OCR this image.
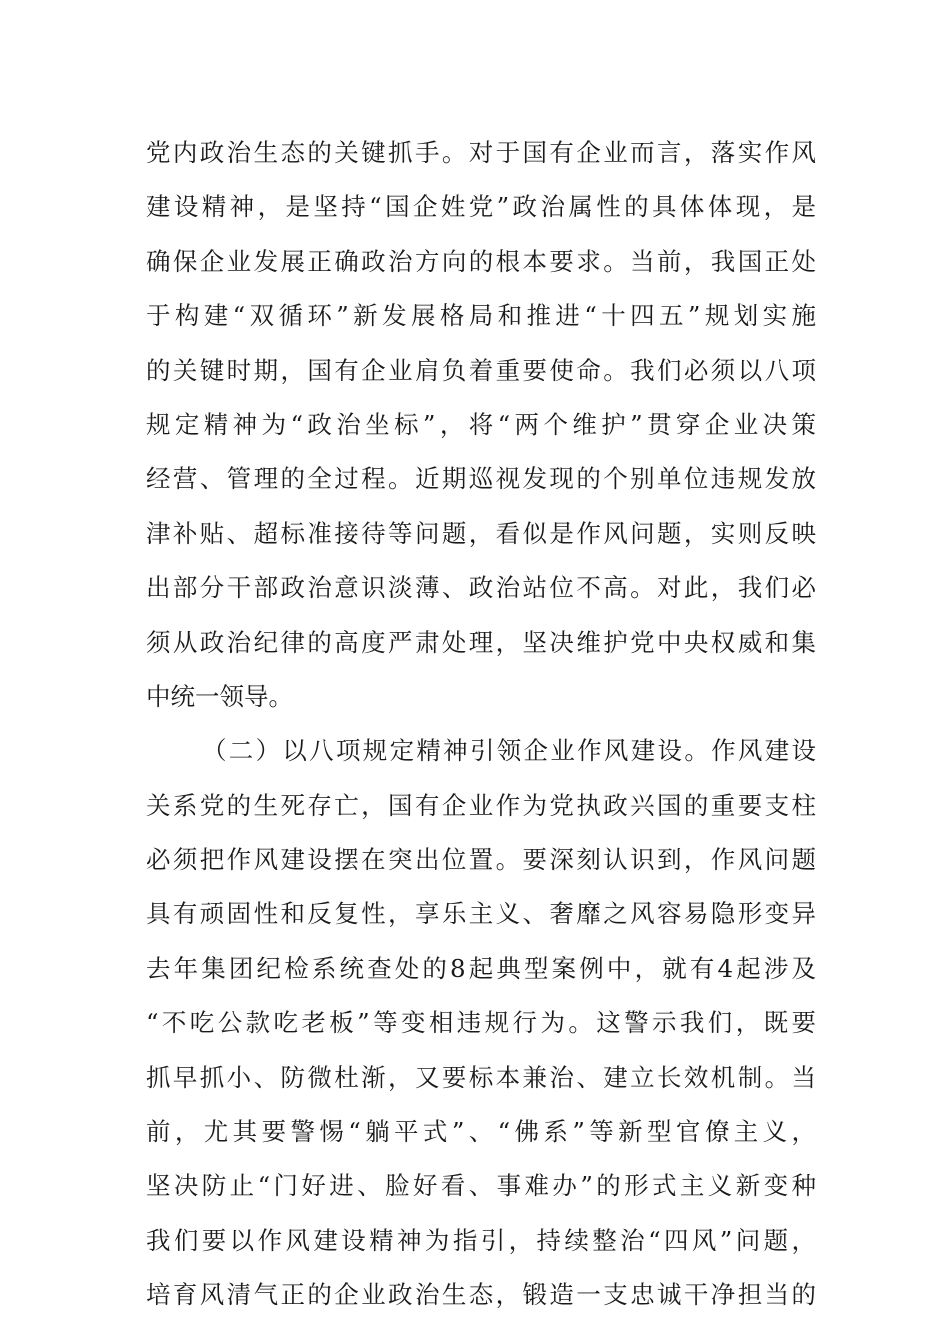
党内政治生态的关键抓手。对于国有企业而言，落实作风
建设精神，是坚持“国企姓党”政治属性的具体体现，是
确保企业发展正确政治方向的根本要求。当前，我国正处
于构建“双循环”新发展格局和推进“十四五”规划实施
的关键时期，国有企业肩负着重要使命。我们必须以八项
规定精神为“政治坐标”，将“两个维护”贯穿企业决策
经营、管理的全过程。近期巡视发现的个别单位违规发放
津补贴、超标准接待等问题，看似是作风问题，实则反映
出部分干部政治意识淡薄、政治站位不高。对此，我们必
须从政治纪律的高度严肃处理，坚决维护党中央权威和集
中统一领导。
（二）以八项规定精神引领企业作风建设。作风建设
关系党的生死存亡，国有企业作为党执政兴国的重要支柱
必须把作风建设摆在突出位置。要深刻认识到，作风问题
具有顽固性和反复性，享乐主义、奢靡之风容易隐形变异
去年集团纪检系统查处的8起典型案例中，就有4起涉及
“不吃公款吃老板”等变相违规行为。这警示我们，既要
抓早抓小、防微杜渐，又要标本兼治、建立长效机制。当
前，尤其要警惕“躺平式”、“佛系”等新型官僚主义，
坚决防止“门好进、脸好看、事难办”的形式主义新变种
我们要以作风建设精神为指引，持续整治“四风”问题，
培育风清气正的企业政治生态，锻造一支忠诚干净担当的
